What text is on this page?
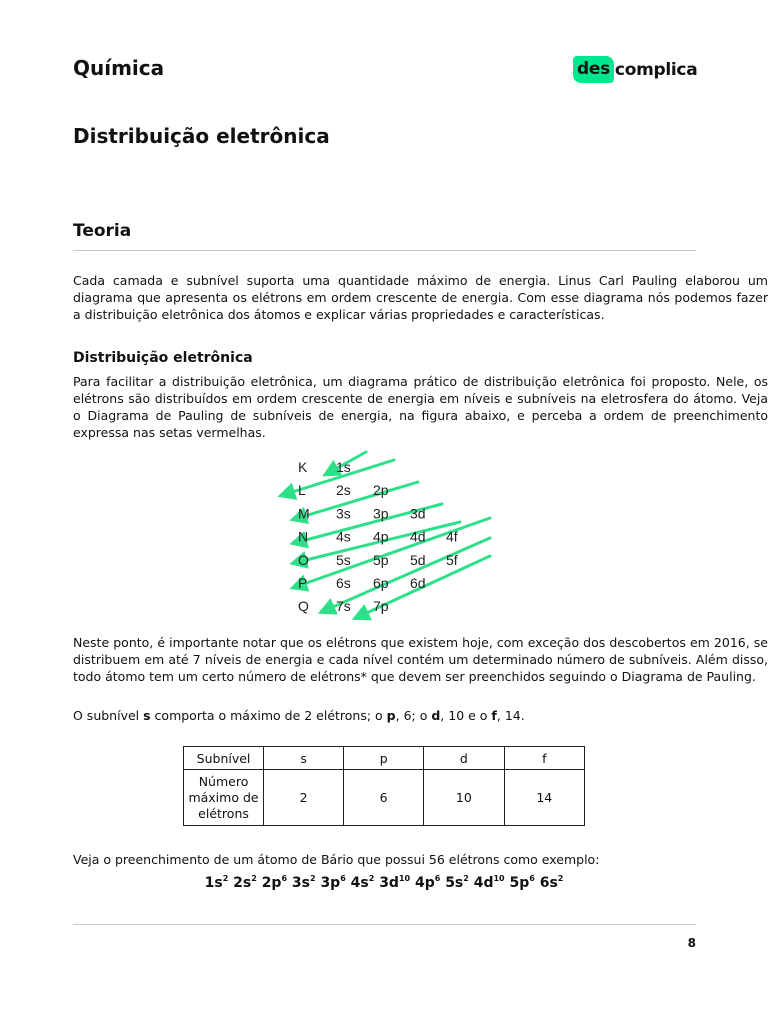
Química	des complica
Distribuição eletrônica
Teoria

Cada camada e subnível suporta uma quantidade máximo de energia. Linus Carl Pauling elaborou um diagrama que apresenta os elétrons em ordem crescente de energia. Com esse diagrama nós podemos fazer a distribuição eletrônica dos átomos e explicar várias propriedades e características.

Distribuição eletrônica

Para facilitar a distribuição eletrônica, um diagrama prático de distribuição eletrônica foi proposto. Nele, os elétrons são distribuídos em ordem crescente de energia em níveis e subníveis na eletrosfera do átomo. Veja o Diagrama de Pauling de subníveis de energia, na figura abaixo, e perceba a ordem de preenchimento expressa nas setas vermelhas.

K 1s
L 2s 2p
M 3s 3p 3d
N 4s 4p 4d 4f
O 5s 5p 5d 5f
P 6s 6p 6d
Q 7s 7p

Neste ponto, é importante notar que os elétrons que existem hoje, com exceção dos descobertos em 2016, se distribuem em até 7 níveis de energia e cada nível contém um determinado número de subníveis. Além disso, todo átomo tem um certo número de elétrons* que devem ser preenchidos seguindo o Diagrama de Pauling.

O subnível s comporta o máximo de 2 elétrons; o p, 6; o d, 10 e o f, 14.

Subnível	s	p	d	f

Número
máximo de
elétrons	2	6	10	14

Veja o preenchimento de um átomo de Bário que possui 56 elétrons como exemplo:

$1s^2$ $2s^2$ $2p^6$ $3s^2$ $3p^6$ $4s^2$ $3d^{10}$ $4p^6$ $5s^2$ $4d^{10}$ $5p^6$ $6s^2$
8
